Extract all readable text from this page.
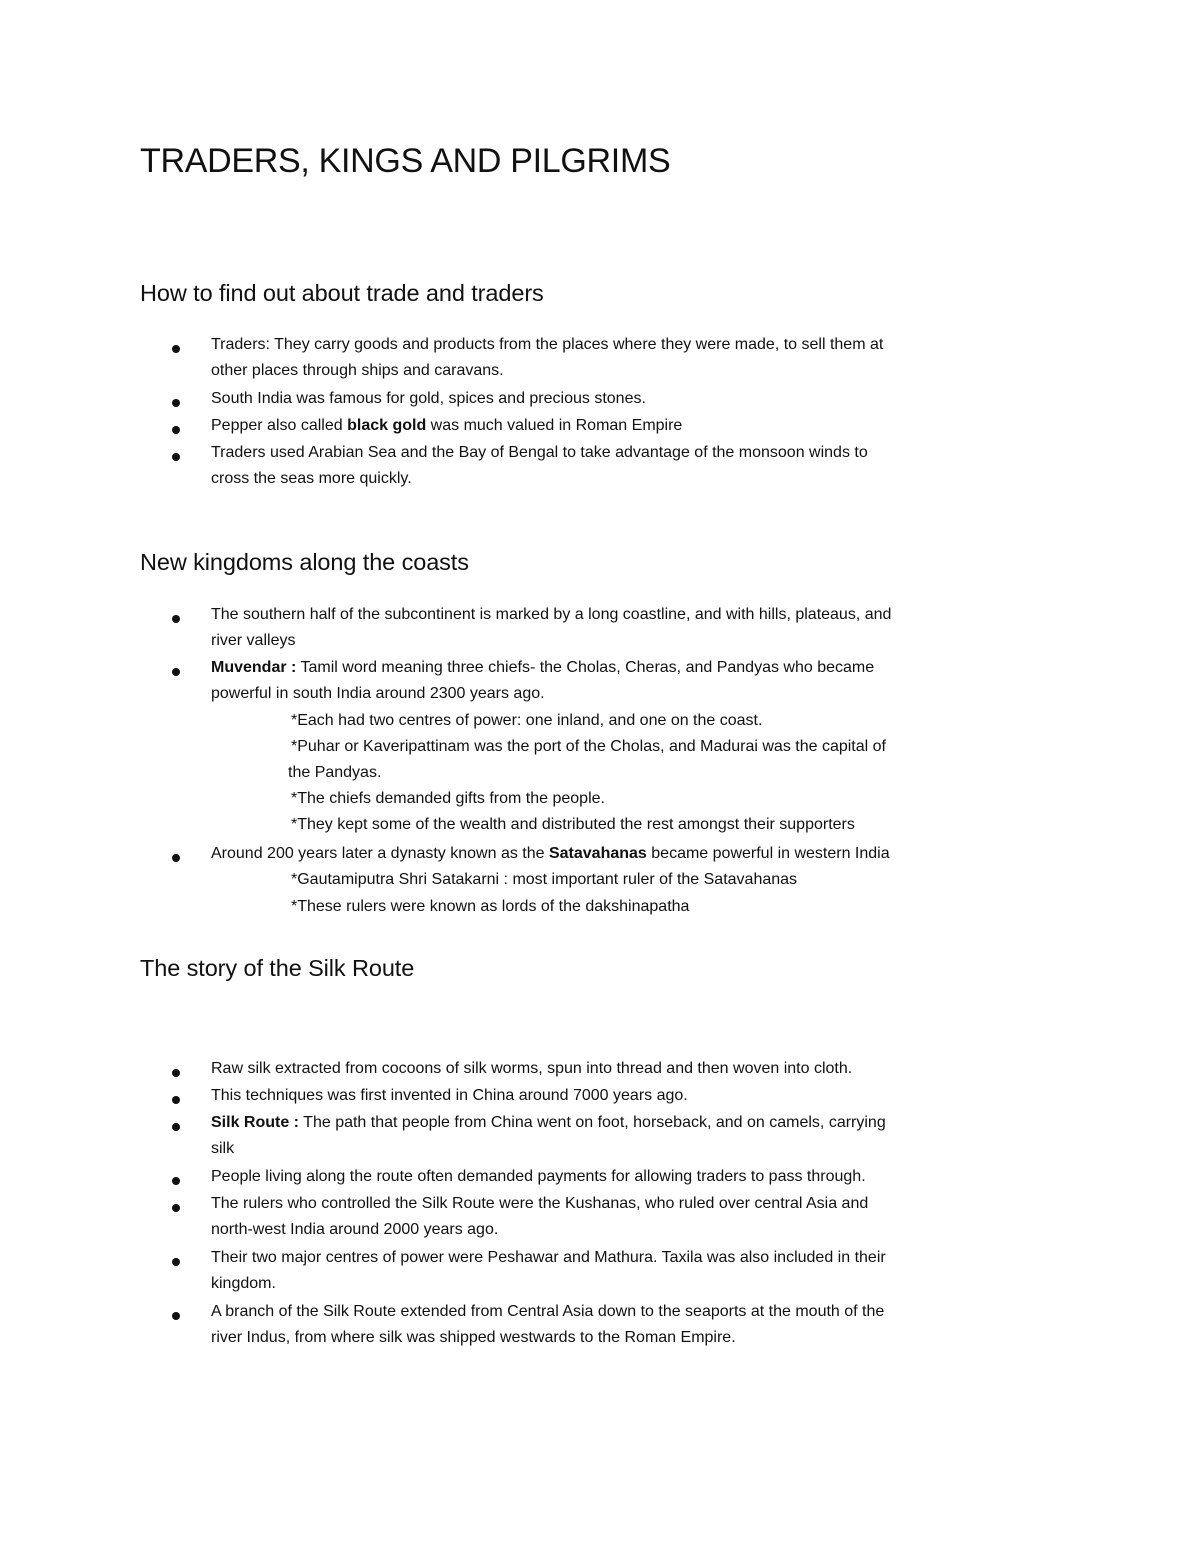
TRADERS, KINGS AND PILGRIMS
How to find out about trade and traders
Traders: They carry goods and products from the places where they were made, to sell them at
other places through ships and caravans.
South India was famous for gold, spices and precious stones.
Pepper also called black gold was much valued in Roman Empire
Traders used Arabian Sea and the Bay of Bengal to take advantage of the monsoon winds to
cross the seas more quickly.
New kingdoms along the coasts
The southern half of the subcontinent is marked by a long coastline, and with hills, plateaus, and
river valleys
Muvendar : Tamil word meaning three chiefs- the Cholas, Cheras, and Pandyas who became
powerful in south India around 2300 years ago.
*Each had two centres of power: one inland, and one on the coast.
*Puhar or Kaveripattinam was the port of the Cholas, and Madurai was the capital of
the Pandyas.
*The chiefs demanded gifts from the people.
*They kept some of the wealth and distributed the rest amongst their supporters
Around 200 years later a dynasty known as the Satavahanas became powerful in western India
*Gautamiputra Shri Satakarni : most important ruler of the Satavahanas
*These rulers were known as lords of the dakshinapatha
The story of the Silk Route
Raw silk extracted from cocoons of silk worms, spun into thread and then woven into cloth.
This techniques was first invented in China around 7000 years ago.
Silk Route : The path that people from China went on foot, horseback, and on camels, carrying
silk
People living along the route often demanded payments for allowing traders to pass through.
The rulers who controlled the Silk Route were the Kushanas, who ruled over central Asia and
north-west India around 2000 years ago.
Their two major centres of power were Peshawar and Mathura. Taxila was also included in their
kingdom.
A branch of the Silk Route extended from Central Asia down to the seaports at the mouth of the
river Indus, from where silk was shipped westwards to the Roman Empire.
